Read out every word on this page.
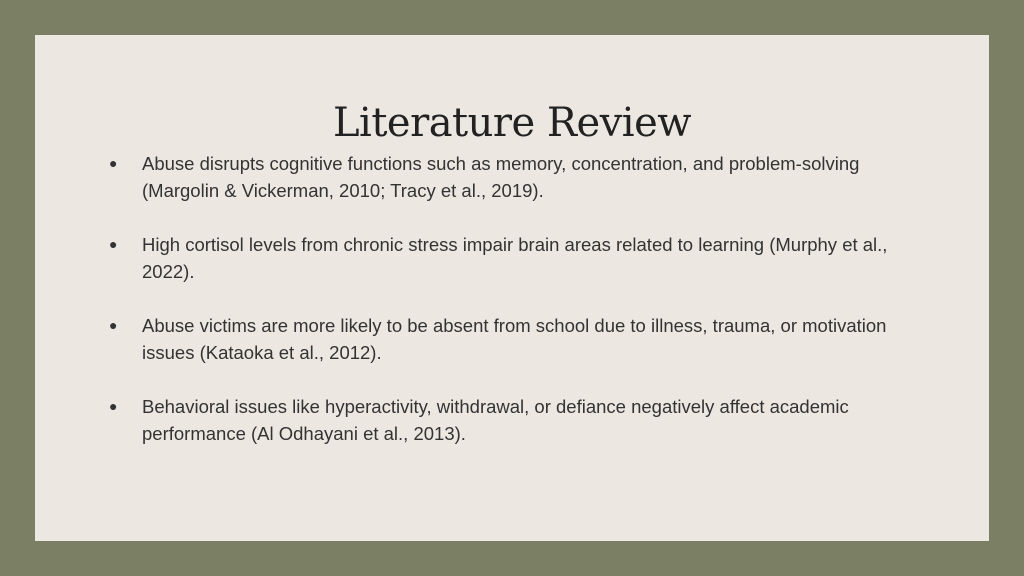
Literature Review
● Abuse disrupts cognitive functions such as memory, concentration, and problem-solving (Margolin & Vickerman, 2010; Tracy et al., 2019).
● High cortisol levels from chronic stress impair brain areas related to learning (Murphy et al., 2022).
● Abuse victims are more likely to be absent from school due to illness, trauma, or motivation issues (Kataoka et al., 2012).
● Behavioral issues like hyperactivity, withdrawal, or defiance negatively affect academic performance (Al Odhayani et al., 2013).
